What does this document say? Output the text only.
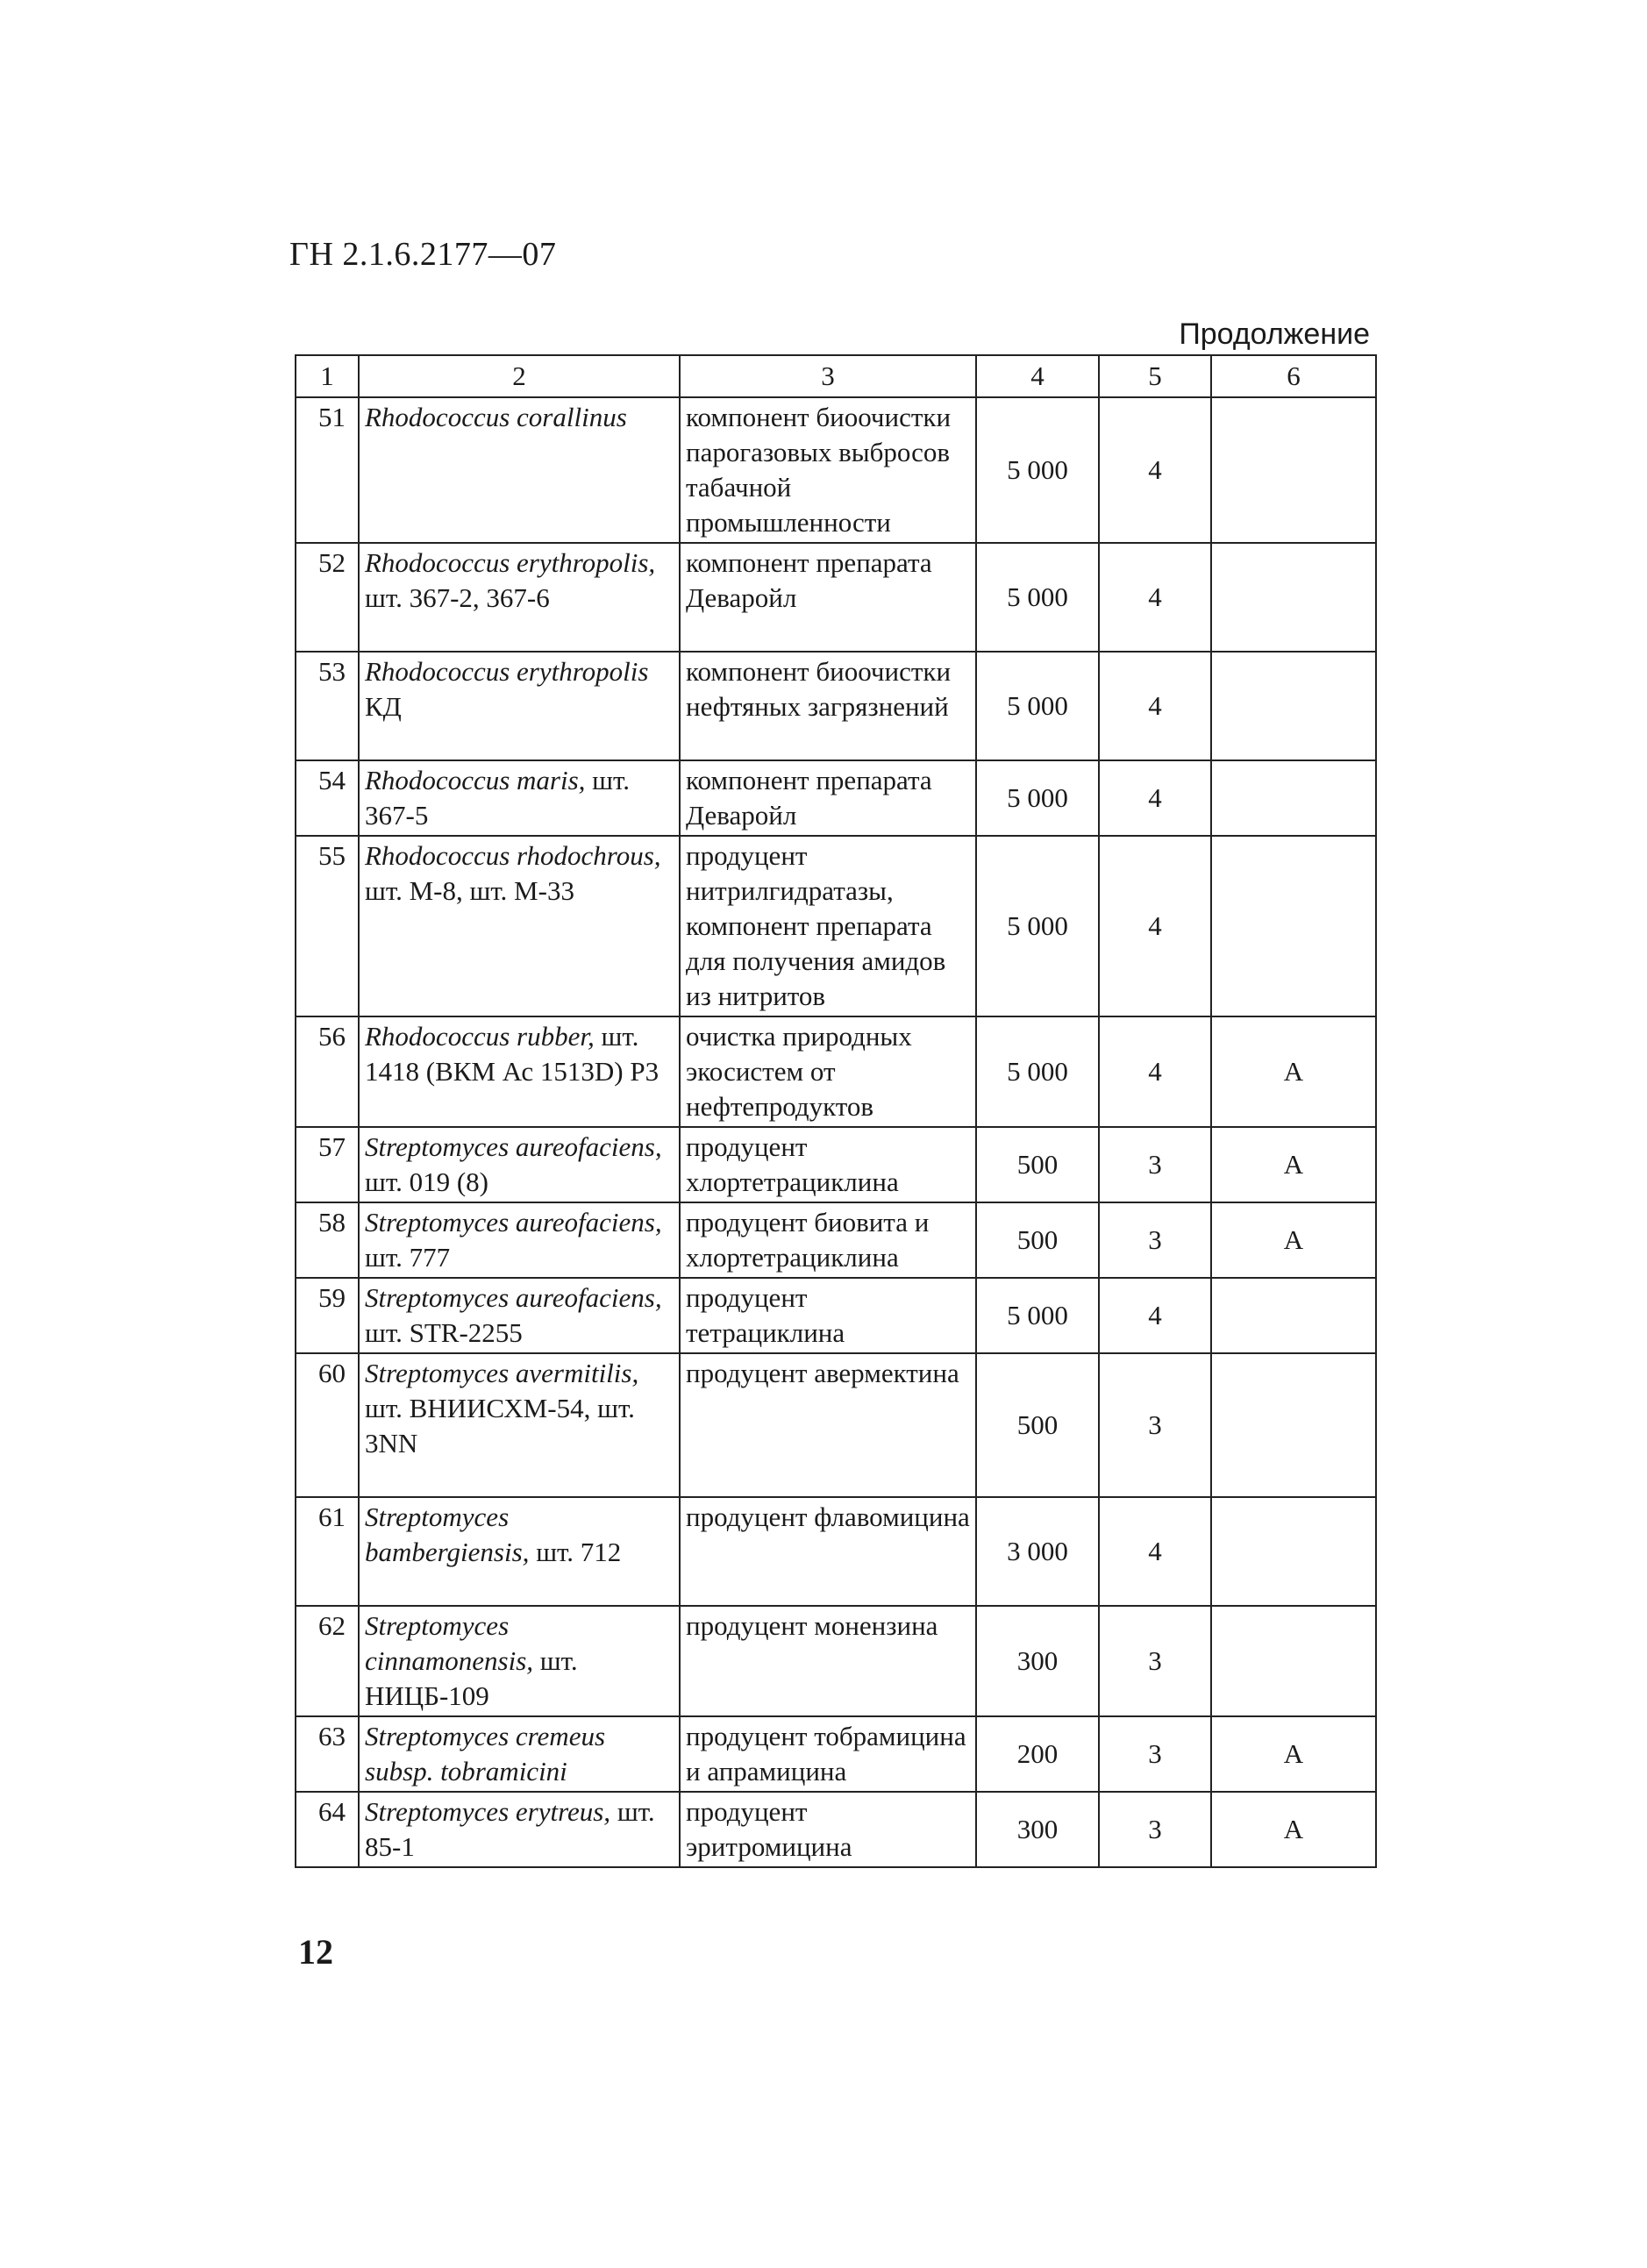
ГН 2.1.6.2177—07
Продолжение
1	2	3	4	5	6
51	Rhodococcus corallinus	компонент биоочистки парогазовых выбросов табачной промышленности	5 000	4	
52	Rhodococcus erythropolis, шт. 367-2, 367-6	компонент препарата Деваройл	5 000	4	
53	Rhodococcus erythropolis КД	компонент биоочистки нефтяных загрязнений	5 000	4	
54	Rhodococcus maris, шт. 367-5	компонент препарата Деваройл	5 000	4	
55	Rhodococcus rhodochrous, шт. М-8, шт. М-33	продуцент нитрилгидратазы, компонент препарата для получения амидов из нитритов	5 000	4	
56	Rhodococcus rubber, шт. 1418 (ВКМ Ас 1513D) Р3	очистка природных экосистем от нефтепродуктов	5 000	4	А
57	Streptomyces aureofaciens, шт. 019 (8)	продуцент хлортетрациклина	500	3	А
58	Streptomyces aureofaciens, шт. 777	продуцент биовита и хлортетрациклина	500	3	А
59	Streptomyces aureofaciens, шт. STR-2255	продуцент тетрациклина	5 000	4	
60	Streptomyces avermitilis, шт. ВНИИСХМ-54, шт. 3NN	продуцент авермектина	500	3	
61	Streptomyces bambergiensis, шт. 712	продуцент флавомицина	3 000	4	
62	Streptomyces cinnamonensis, шт. НИЦБ-109	продуцент монензина	300	3	
63	Streptomyces cremeus subsp. tobramicini	продуцент тобрамицина и апрамицина	200	3	А
64	Streptomyces erytreus, шт. 85-1	продуцент эритромицина	300	3	А
12
